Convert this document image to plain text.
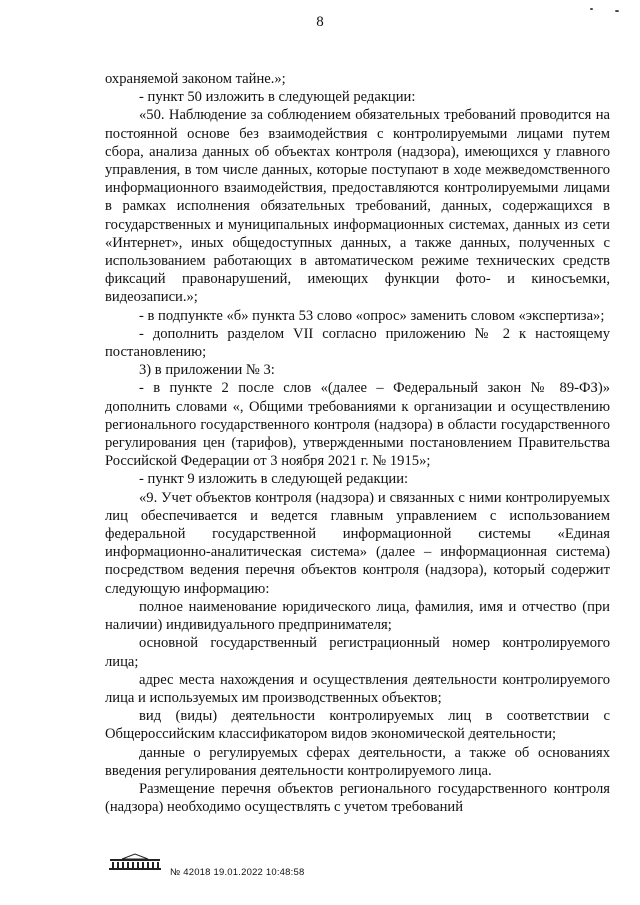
8

охраняемой законом тайне.»;

- пункт 50 изложить в следующей редакции:

«50. Наблюдение за соблюдением обязательных требований проводится на постоянной основе без взаимодействия с контролируемыми лицами путем сбора, анализа данных об объектах контроля (надзора), имеющихся у главного управления, в том числе данных, которые поступают в ходе межведомственного информационного взаимодействия, предоставляются контролируемыми лицами в рамках исполнения обязательных требований, данных, содержащихся в государственных и муниципальных информационных системах, данных из сети «Интернет», иных общедоступных данных, а также данных, полученных с использованием работающих в автоматическом режиме технических средств фиксаций правонарушений, имеющих функции фото- и киносъемки, видеозаписи.»;

- в подпункте «б» пункта 53 слово «опрос» заменить словом «экспертиза»;

- дополнить разделом VII согласно приложению № 2 к настоящему постановлению;

3) в приложении № 3:

- в пункте 2 после слов «(далее – Федеральный закон № 89-ФЗ)» дополнить словами «, Общими требованиями к организации и осуществлению регионального государственного контроля (надзора) в области государственного регулирования цен (тарифов), утвержденными постановлением Правительства Российской Федерации от 3 ноября 2021 г. № 1915»;

- пункт 9 изложить в следующей редакции:

«9. Учет объектов контроля (надзора) и связанных с ними контролируемых лиц обеспечивается и ведется главным управлением с использованием федеральной государственной информационной системы «Единая информационно-аналитическая система» (далее – информационная система) посредством ведения перечня объектов контроля (надзора), который содержит следующую информацию:

полное наименование юридического лица, фамилия, имя и отчество (при наличии) индивидуального предпринимателя;

основной государственный регистрационный номер контролируемого лица;

адрес места нахождения и осуществления деятельности контролируемого лица и используемых им производственных объектов;

вид (виды) деятельности контролируемых лиц в соответствии с Общероссийским классификатором видов экономической деятельности;

данные о регулируемых сферах деятельности, а также об основаниях введения регулирования деятельности контролируемого лица.

Размещение перечня объектов регионального государственного контроля (надзора) необходимо осуществлять с учетом требований

№ 42018 19.01.2022 10:48:58
